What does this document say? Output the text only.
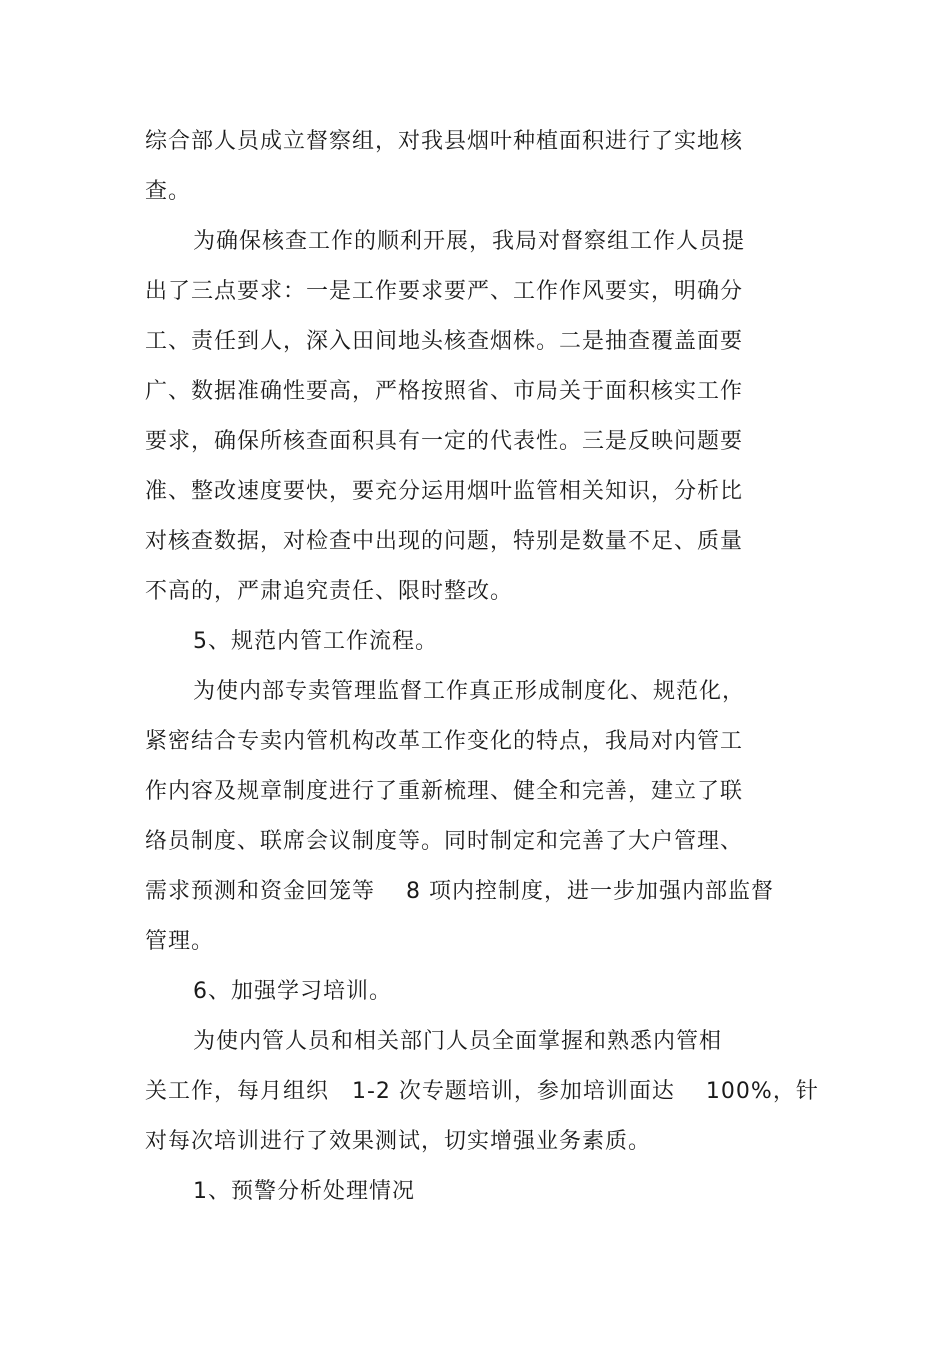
综合部人员成立督察组，对我县烟叶种植面积进行了实地核
查。
为确保核查工作的顺利开展，我局对督察组工作人员提
出了三点要求：一是工作要求要严、工作作风要实，明确分
工、责任到人，深入田间地头核查烟株。二是抽查覆盖面要
广、数据准确性要高，严格按照省、市局关于面积核实工作
要求，确保所核查面积具有一定的代表性。三是反映问题要
准、整改速度要快，要充分运用烟叶监管相关知识，分析比
对核查数据，对检查中出现的问题，特别是数量不足、质量
不高的，严肃追究责任、限时整改。
5、规范内管工作流程。
为使内部专卖管理监督工作真正形成制度化、规范化，
紧密结合专卖内管机构改革工作变化的特点，我局对内管工
作内容及规章制度进行了重新梳理、健全和完善，建立了联
络员制度、联席会议制度等。同时制定和完善了大户管理、
需求预测和资金回笼等　 8 项内控制度，进一步加强内部监督
管理。
6、加强学习培训。
为使内管人员和相关部门人员全面掌握和熟悉内管相
关工作，每月组织　1-2 次专题培训，参加培训面达　 100%，针
对每次培训进行了效果测试，切实增强业务素质。
1、预警分析处理情况
